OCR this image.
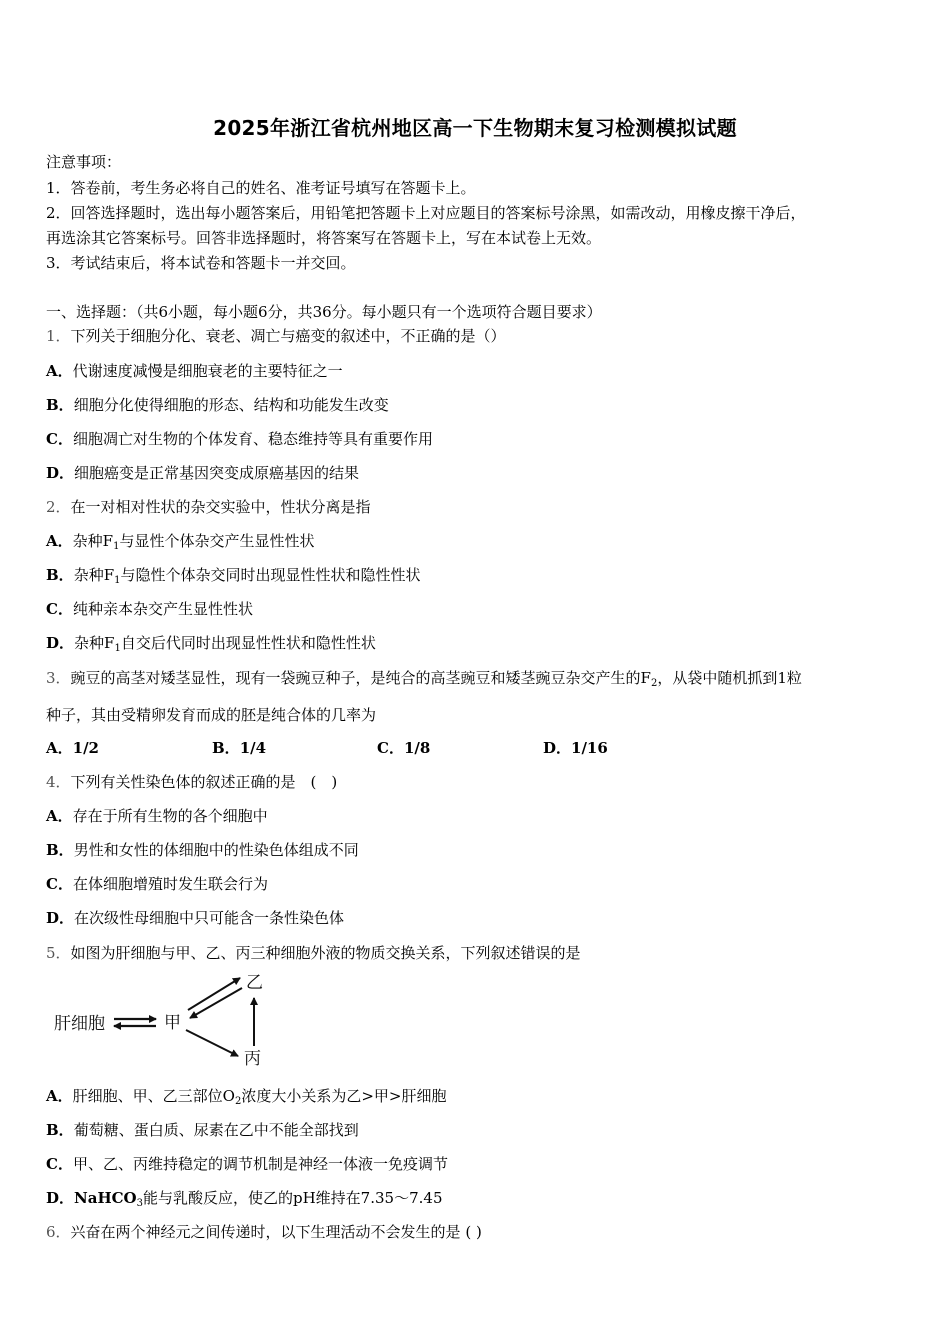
2025年浙江省杭州地区高一下生物期末复习检测模拟试题
注意事项：
1．答卷前，考生务必将自己的姓名、准考证号填写在答题卡上。
2．回答选择题时，选出每小题答案后，用铅笔把答题卡上对应题目的答案标号涂黑，如需改动，用橡皮擦干净后，
再选涂其它答案标号。回答非选择题时，将答案写在答题卡上，写在本试卷上无效。
3．考试结束后，将本试卷和答题卡一并交回。
一、选择题：（共6小题，每小题6分，共36分。每小题只有一个选项符合题目要求）
1．下列关于细胞分化、衰老、凋亡与癌变的叙述中，不正确的是（）
A．代谢速度减慢是细胞衰老的主要特征之一
B．细胞分化使得细胞的形态、结构和功能发生改变
C．细胞凋亡对生物的个体发育、稳态维持等具有重要作用
D．细胞癌变是正常基因突变成原癌基因的结果
2．在一对相对性状的杂交实验中，性状分离是指
A．杂种$F_1$与显性个体杂交产生显性性状
B．杂种$F_1$与隐性个体杂交同时出现显性性状和隐性性状
C．纯种亲本杂交产生显性性状
D．杂种$F_1$自交后代同时出现显性性状和隐性性状
3．豌豆的高茎对矮茎显性，现有一袋豌豆种子，是纯合的高茎豌豆和矮茎豌豆杂交产生的$F_2$，从袋中随机抓到1粒
种子，其由受精卵发育而成的胚是纯合体的几率为
A．1/2	B．1/4	C．1/8	D．1/16
4．下列有关性染色体的叙述正确的是　(　)
A．存在于所有生物的各个细胞中
B．男性和女性的体细胞中的性染色体组成不同
C．在体细胞增殖时发生联会行为
D．在次级性母细胞中只可能含一条性染色体
5．如图为肝细胞与甲、乙、丙三种细胞外液的物质交换关系，下列叙述错误的是
肝细胞	甲
乙
丙
A．肝细胞、甲、乙三部位$O_2$浓度大小关系为乙>甲>肝细胞
B．葡萄糖、蛋白质、尿素在乙中不能全部找到
C．甲、乙、丙维持稳定的调节机制是神经一体液一免疫调节
D．NaHCO$_3$能与乳酸反应，使乙的pH维持在7.35～7.45
6．兴奋在两个神经元之间传递时，以下生理活动不会发生的是 ( )
